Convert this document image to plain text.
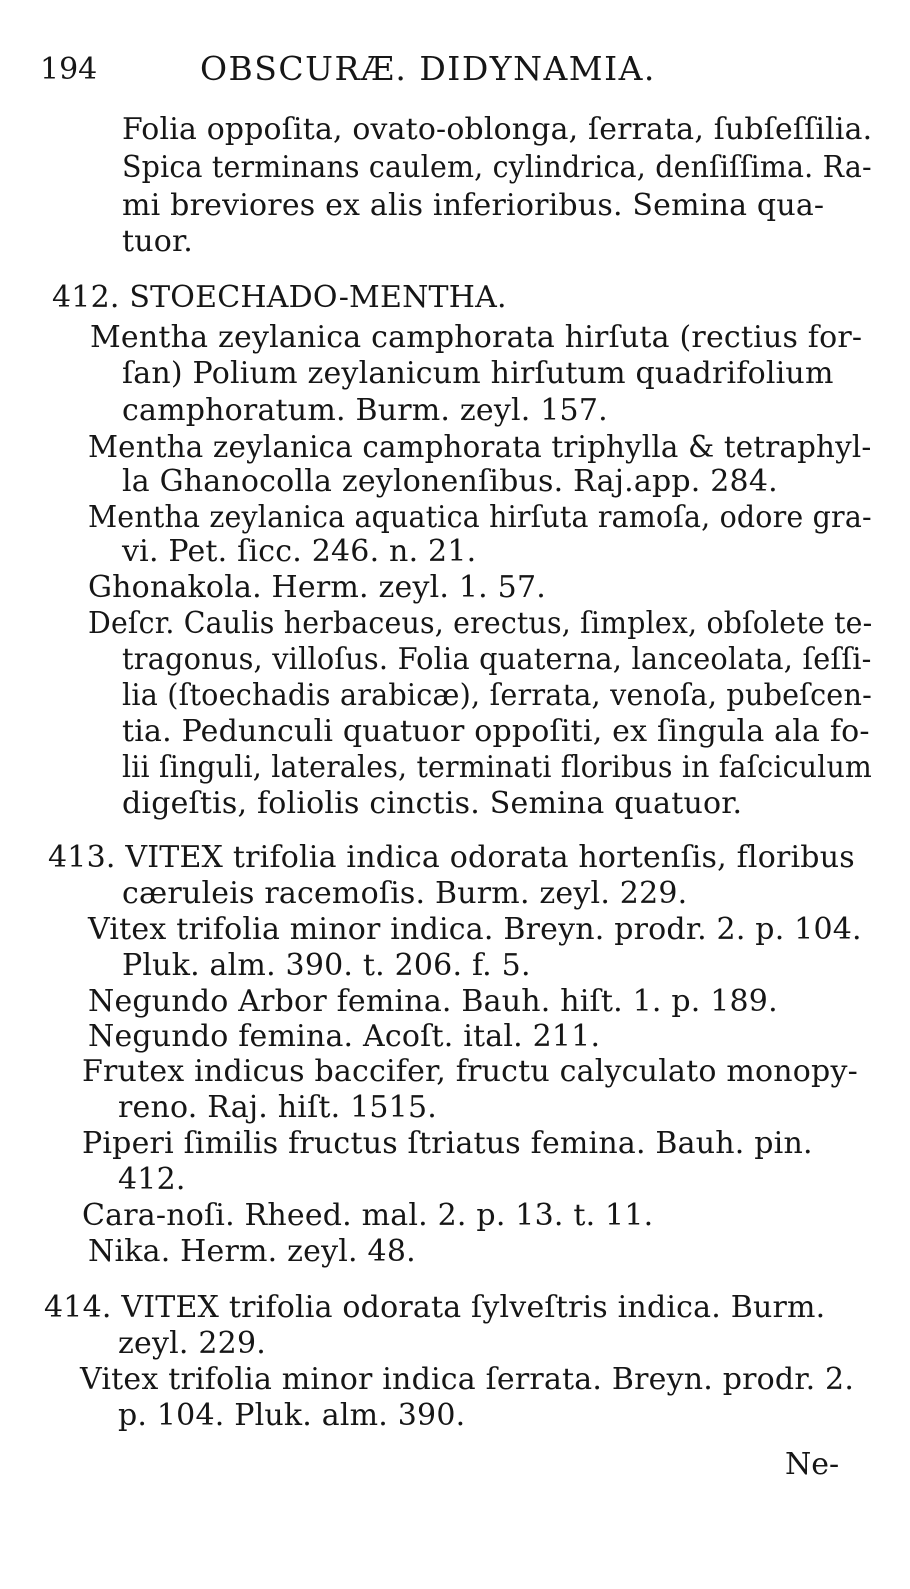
194	OBSCURÆ. DIDYNAMIA.
Folia oppoſita, ovato-oblonga, ſerrata, ſubſeſſilia.
Spica terminans caulem, cylindrica, denſiſſima. Ra-
mi breviores ex alis inferioribus. Semina qua-
tuor.
412. STOECHADO-MENTHA.
Mentha zeylanica camphorata hirſuta (rectius for-
ſan) Polium zeylanicum hirſutum quadrifolium
camphoratum. Burm. zeyl. 157.
Mentha zeylanica camphorata triphylla & tetraphyl-
la Ghanocolla zeylonenſibus. Raj.app. 284.
Mentha zeylanica aquatica hirſuta ramoſa, odore gra-
vi. Pet. ſicc. 246. n. 21.
Ghonakola. Herm. zeyl. 1. 57.
Deſcr. Caulis herbaceus, erectus, ſimplex, obſolete te-
tragonus, villoſus. Folia quaterna, lanceolata, ſeſſi-
lia (ſtoechadis arabicæ), ſerrata, venoſa, pubeſcen-
tia. Pedunculi quatuor oppoſiti, ex ſingula ala fo-
lii ſinguli, laterales, terminati floribus in faſciculum
digeſtis, foliolis cinctis. Semina quatuor.
413. VITEX trifolia indica odorata hortenſis, floribus
cæruleis racemoſis. Burm. zeyl. 229.
Vitex trifolia minor indica. Breyn. prodr. 2. p. 104.
Pluk. alm. 390. t. 206. f. 5.
Negundo Arbor femina. Bauh. hiſt. 1. p. 189.
Negundo femina. Acoſt. ital. 211.
Frutex indicus baccifer, fructu calyculato monopy-
reno. Raj. hiſt. 1515.
Piperi ſimilis fructus ſtriatus femina. Bauh. pin.
412.
Cara-noſi. Rheed. mal. 2. p. 13. t. 11.
Nika. Herm. zeyl. 48.
414. VITEX trifolia odorata ſylveſtris indica. Burm.
zeyl. 229.
Vitex trifolia minor indica ſerrata. Breyn. prodr. 2.
p. 104. Pluk. alm. 390.
Ne-
